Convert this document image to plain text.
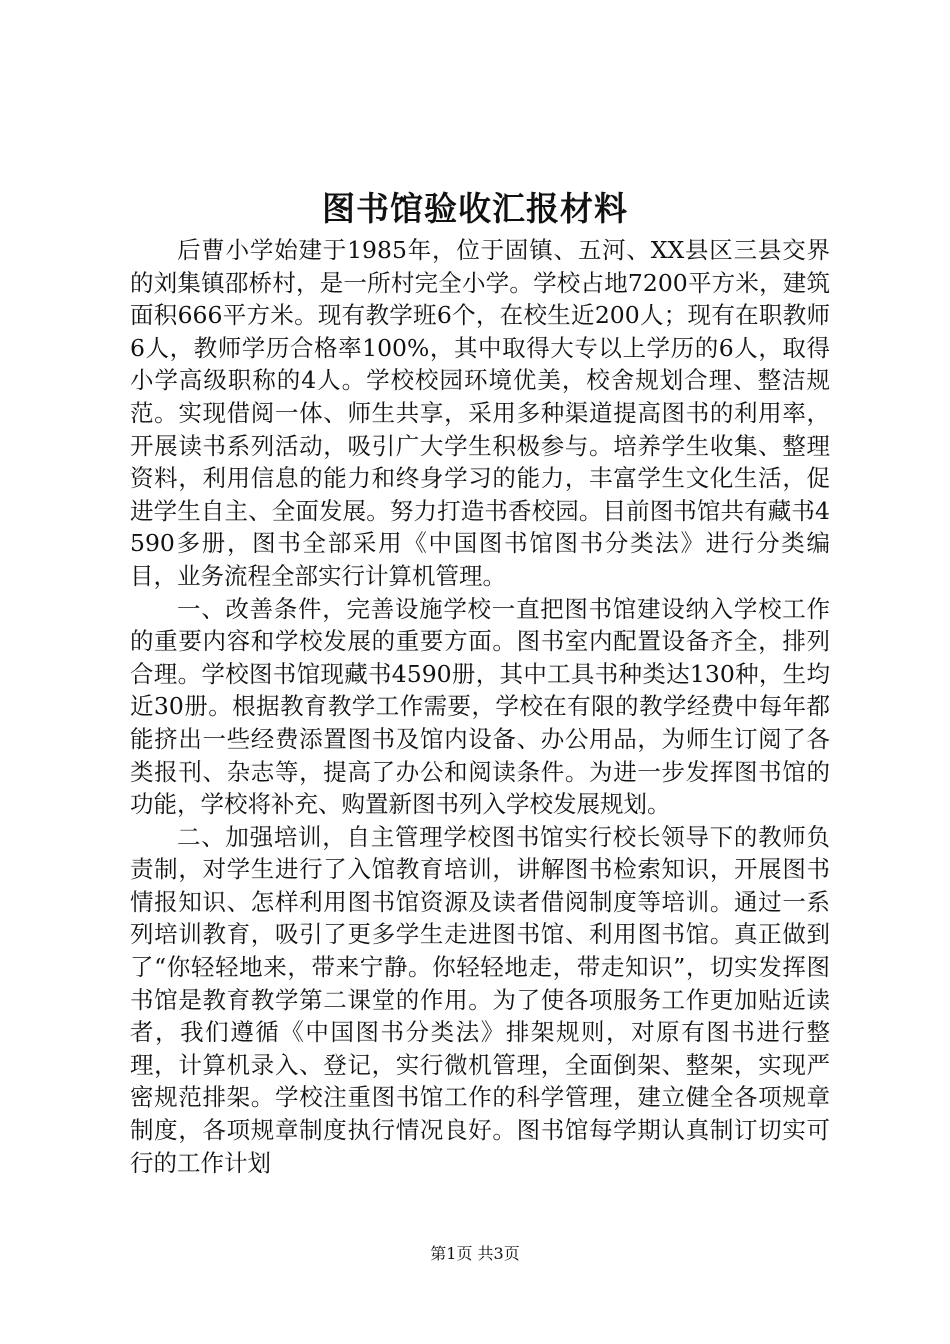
图书馆验收汇报材料

后曹小学始建于1985年，位于固镇、五河、XX县区三县交界的刘集镇邵桥村，是一所村完全小学。学校占地7200平方米，建筑面积666平方米。现有教学班6个，在校生近200人；现有在职教师6人，教师学历合格率100%，其中取得大专以上学历的6人，取得小学高级职称的4人。学校校园环境优美，校舍规划合理、整洁规范。实现借阅一体、师生共享，采用多种渠道提高图书的利用率，开展读书系列活动，吸引广大学生积极参与。培养学生收集、整理资料，利用信息的能力和终身学习的能力，丰富学生文化生活，促进学生自主、全面发展。努力打造书香校园。目前图书馆共有藏书4590多册，图书全部采用《中国图书馆图书分类法》进行分类编目，业务流程全部实行计算机管理。

一、改善条件，完善设施学校一直把图书馆建设纳入学校工作的重要内容和学校发展的重要方面。图书室内配置设备齐全，排列合理。学校图书馆现藏书4590册，其中工具书种类达130种，生均近30册。根据教育教学工作需要，学校在有限的教学经费中每年都能挤出一些经费添置图书及馆内设备、办公用品，为师生订阅了各类报刊、杂志等，提高了办公和阅读条件。为进一步发挥图书馆的功能，学校将补充、购置新图书列入学校发展规划。

二、加强培训，自主管理学校图书馆实行校长领导下的教师负责制，对学生进行了入馆教育培训，讲解图书检索知识，开展图书情报知识、怎样利用图书馆资源及读者借阅制度等培训。通过一系列培训教育，吸引了更多学生走进图书馆、利用图书馆。真正做到了“你轻轻地来，带来宁静。你轻轻地走，带走知识”，切实发挥图书馆是教育教学第二课堂的作用。为了使各项服务工作更加贴近读者，我们遵循《中国图书分类法》排架规则，对原有图书进行整理，计算机录入、登记，实行微机管理，全面倒架、整架，实现严密规范排架。学校注重图书馆工作的科学管理，建立健全各项规章制度，各项规章制度执行情况良好。图书馆每学期认真制订切实可行的工作计划

第1页 共3页
